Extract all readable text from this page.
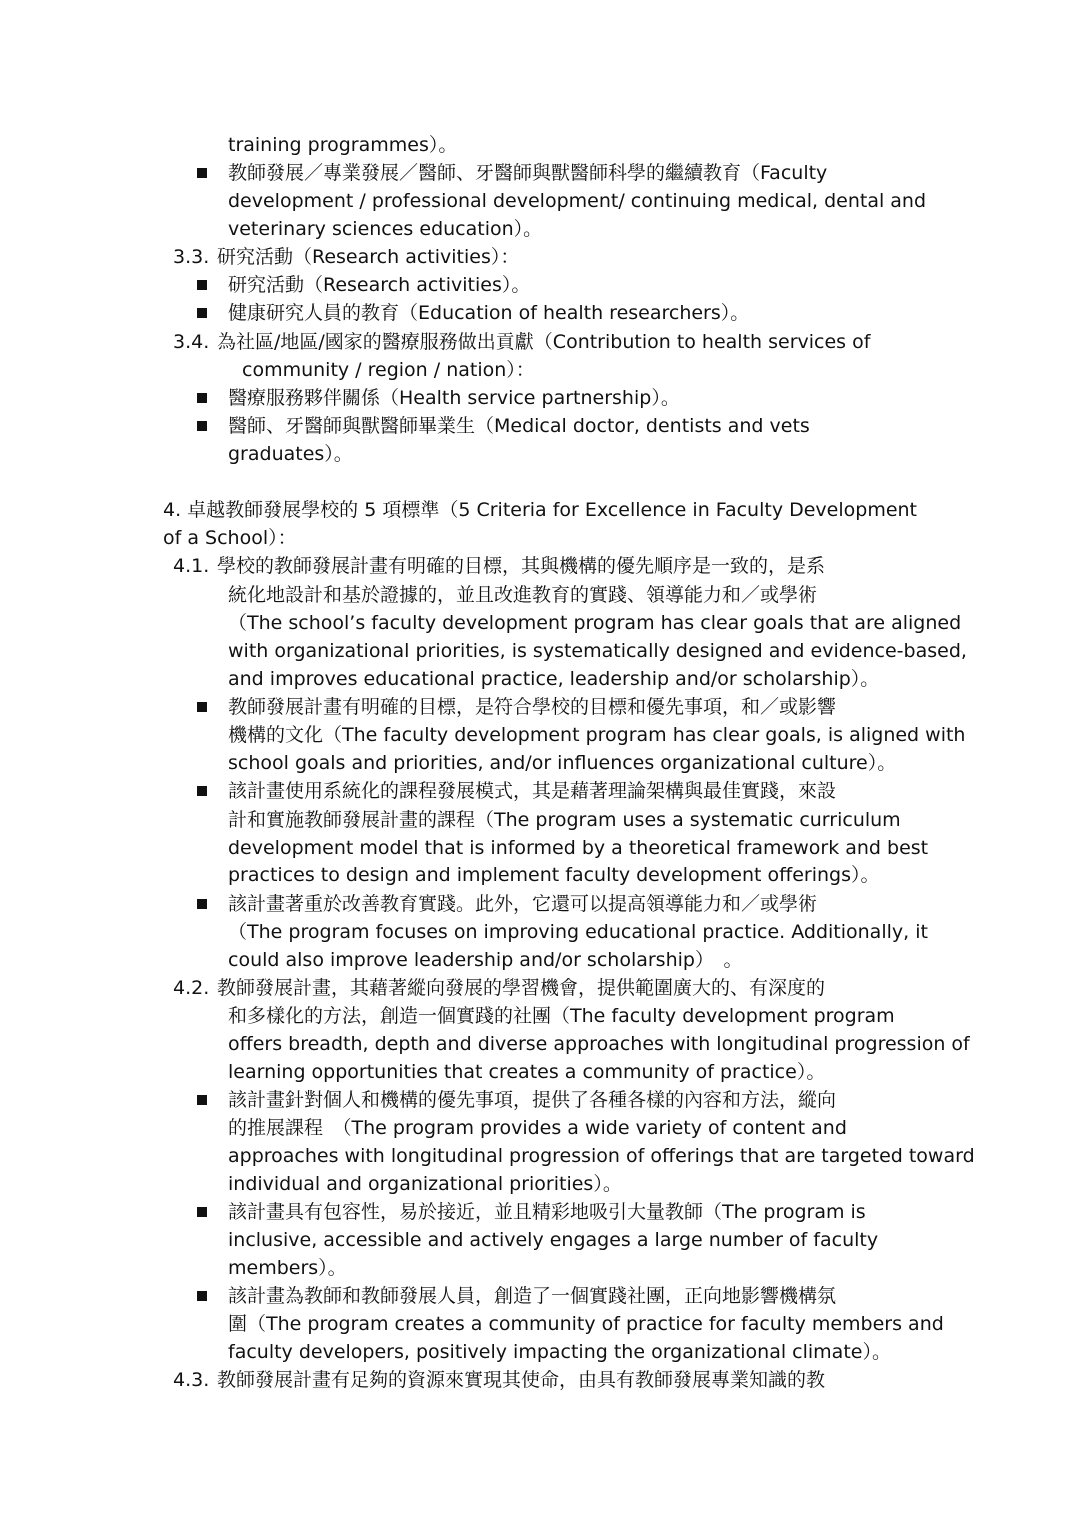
training programmes）。
教師發展／專業發展／醫師、牙醫師與獸醫師科學的繼續教育（Faculty
development / professional development/ continuing medical, dental and
veterinary sciences education）。
3.3. 研究活動（Research activities）：
研究活動（Research activities）。
健康研究人員的教育（Education of health researchers）。
3.4. 為社區/地區/國家的醫療服務做出貢獻（Contribution to health services of
community / region / nation）：
醫療服務夥伴關係（Health service partnership）。
醫師、牙醫師與獸醫師畢業生（Medical doctor, dentists and vets
graduates）。
4. 卓越教師發展學校的 5 項標準（5 Criteria for Excellence in Faculty Development
of a School）：
4.1. 學校的教師發展計畫有明確的目標，其與機構的優先順序是一致的，是系
統化地設計和基於證據的，並且改進教育的實踐、領導能力和／或學術
（The school’s faculty development program has clear goals that are aligned
with organizational priorities, is systematically designed and evidence-based,
and improves educational practice, leadership and/or scholarship）。
教師發展計畫有明確的目標，是符合學校的目標和優先事項，和／或影響
機構的文化（The faculty development program has clear goals, is aligned with
school goals and priorities, and/or influences organizational culture）。
該計畫使用系統化的課程發展模式，其是藉著理論架構與最佳實踐，來設
計和實施教師發展計畫的課程（The program uses a systematic curriculum
development model that is informed by a theoretical framework and best
practices to design and implement faculty development offerings）。
該計畫著重於改善教育實踐。此外，它還可以提高領導能力和／或學術
（The program focuses on improving educational practice. Additionally, it
could also improve leadership and/or scholarship）　。
4.2. 教師發展計畫，其藉著縱向發展的學習機會，提供範圍廣大的、有深度的
和多樣化的方法，創造一個實踐的社團（The faculty development program
offers breadth, depth and diverse approaches with longitudinal progression of
learning opportunities that creates a community of practice）。
該計畫針對個人和機構的優先事項，提供了各種各樣的內容和方法，縱向
的推展課程　（The program provides a wide variety of content and
approaches with longitudinal progression of offerings that are targeted toward
individual and organizational priorities）。
該計畫具有包容性，易於接近，並且精彩地吸引大量教師（The program is
inclusive, accessible and actively engages a large number of faculty
members）。
該計畫為教師和教師發展人員，創造了一個實踐社團，正向地影響機構氛
圍（The program creates a community of practice for faculty members and
faculty developers, positively impacting the organizational climate）。
4.3. 教師發展計畫有足夠的資源來實現其使命，由具有教師發展專業知識的教
